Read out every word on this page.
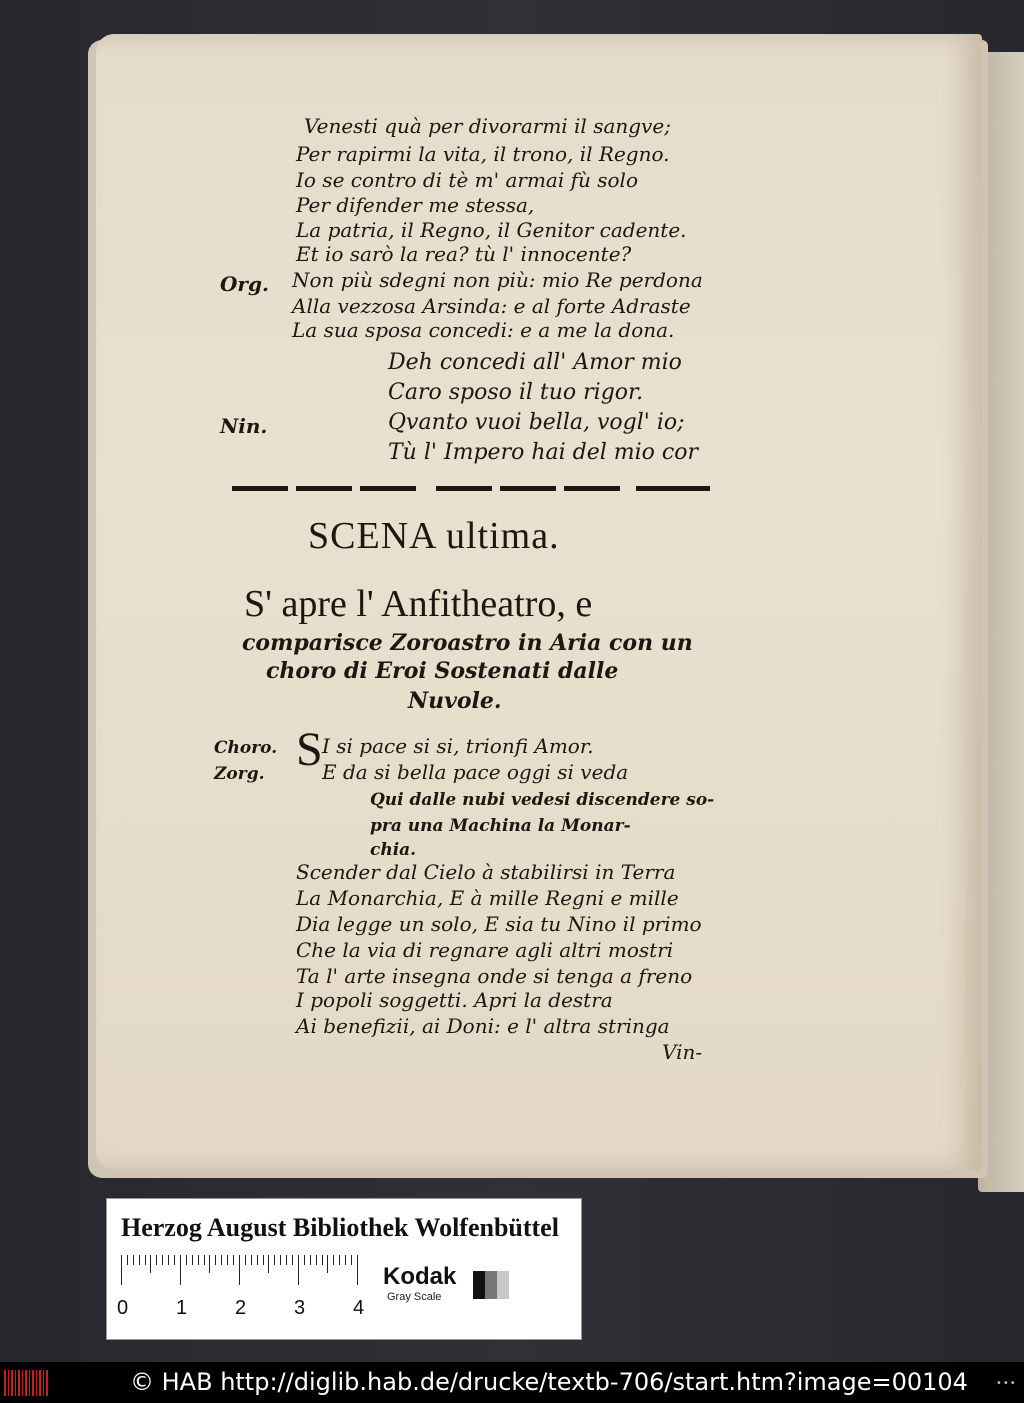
Venesti quà per divorarmi il sangve;
Per rapirmi la vita, il trono, il Regno.
Io se contro di tè m' armai fù solo
Per difender me stessa,
La patria, il Regno, il Genitor cadente.
Et io sarò la rea? tù l' innocente?
Org. Non più sdegni non più: mio Re perdona
Alla vezzosa Arsinda: e al forte Adraste
La sua sposa concedi: e a me la dona.
Deh concedi all' Amor mio
Caro sposo il tuo rigor.
Nin.	Qvanto vuoi bella, vogl' io;
Tù l' Impero hai del mio cor
SCENA ultima.
S' apre l' Anfitheatro, e
comparisce Zoroastro in Aria con un
choro di Eroi Sostenati dalle
Nuvole.
Choro. S I si pace si si, trionfi Amor.
Zorg.	E da si bella pace oggi si veda
Qui dalle nubi vedesi discendere so-
pra una Machina la Monar-
chia.
Scender dal Cielo à stabilirsi in Terra
La Monarchia, E à mille Regni e mille
Dia legge un solo, E sia tu Nino il primo
Che la via di regnare agli altri mostri
Ta l' arte insegna onde si tenga a freno
I popoli soggetti. Apri la destra
Ai benefizii, ai Doni: e l' altra stringa
Vin-
Herzog August Bibliothek Wolfenbüttel
0 1 2 3 4
Kodak
Gray Scale
© HAB http://diglib.hab.de/drucke/textb-706/start.htm?image=00104	•••
